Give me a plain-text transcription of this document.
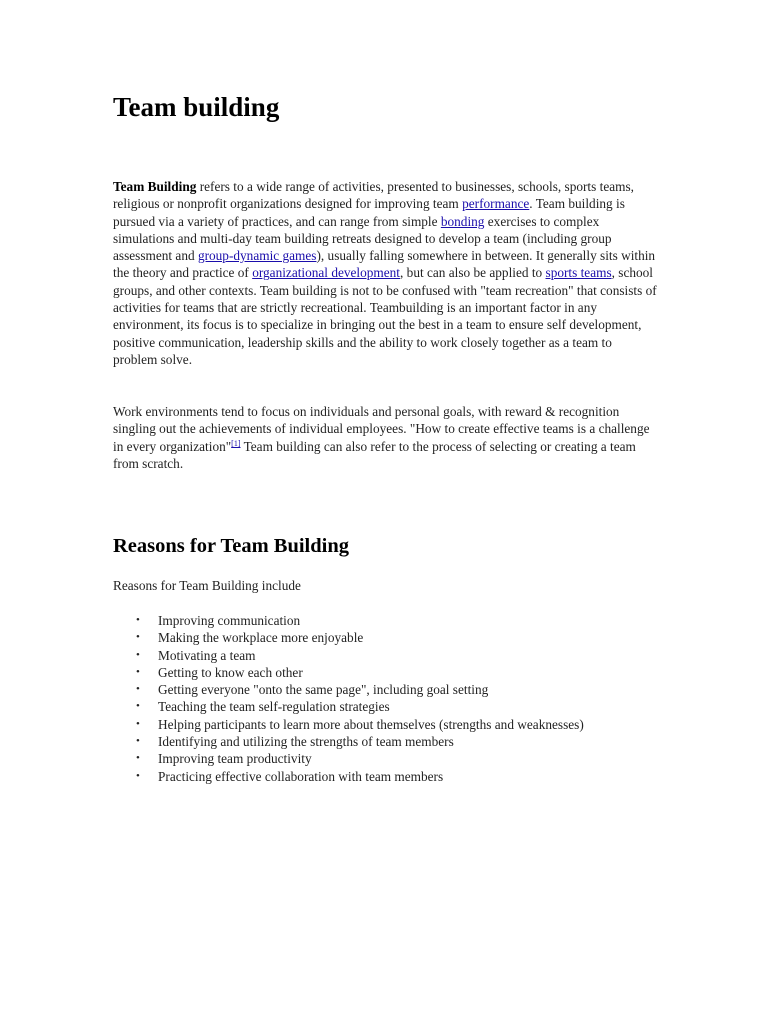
Team building

Team Building refers to a wide range of activities, presented to businesses, schools, sports teams, religious or nonprofit organizations designed for improving team performance. Team building is pursued via a variety of practices, and can range from simple bonding exercises to complex simulations and multi-day team building retreats designed to develop a team (including group assessment and group-dynamic games), usually falling somewhere in between. It generally sits within the theory and practice of organizational development, but can also be applied to sports teams, school groups, and other contexts. Team building is not to be confused with "team recreation" that consists of activities for teams that are strictly recreational. Teambuilding is an important factor in any environment, its focus is to specialize in bringing out the best in a team to ensure self development, positive communication, leadership skills and the ability to work closely together as a team to problem solve.

Work environments tend to focus on individuals and personal goals, with reward & recognition singling out the achievements of individual employees. "How to create effective teams is a challenge in every organization"[1] Team building can also refer to the process of selecting or creating a team from scratch.

Reasons for Team Building

Reasons for Team Building include

• Improving communication
• Making the workplace more enjoyable
• Motivating a team
• Getting to know each other
• Getting everyone "onto the same page", including goal setting
• Teaching the team self-regulation strategies
• Helping participants to learn more about themselves (strengths and weaknesses)
• Identifying and utilizing the strengths of team members
• Improving team productivity
• Practicing effective collaboration with team members
